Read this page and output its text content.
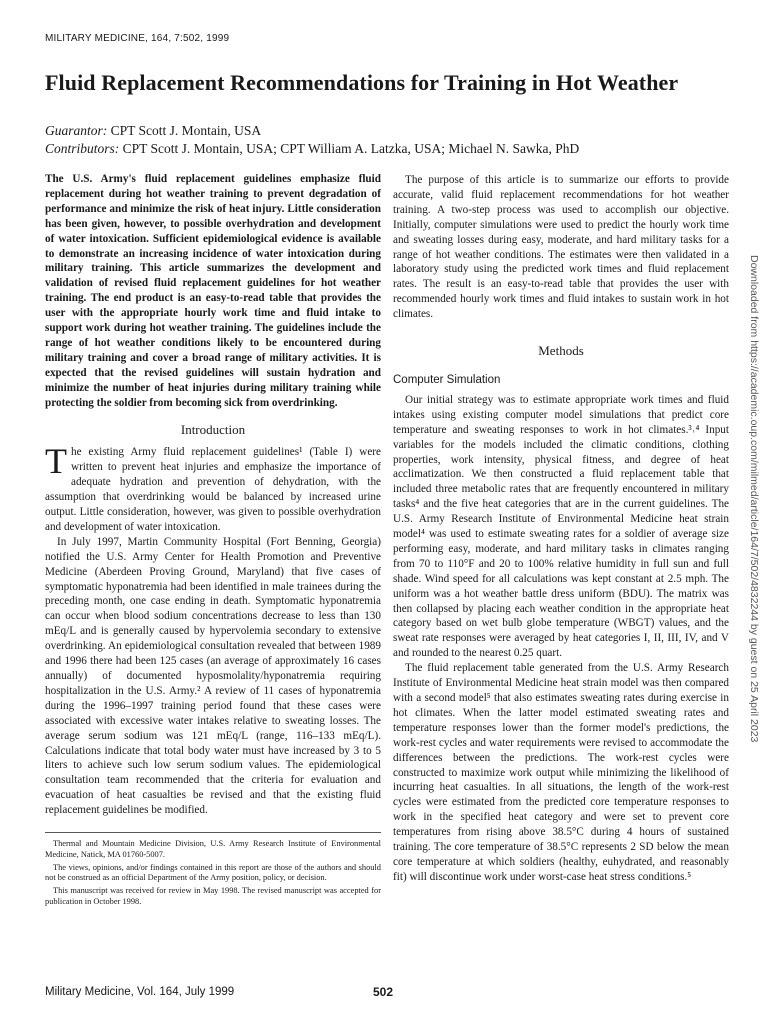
MILITARY MEDICINE, 164, 7:502, 1999
Fluid Replacement Recommendations for Training in Hot Weather
Guarantor: CPT Scott J. Montain, USA
Contributors: CPT Scott J. Montain, USA; CPT William A. Latzka, USA; Michael N. Sawka, PhD

The U.S. Army's fluid replacement guidelines emphasize fluid replacement during hot weather training to prevent degradation of performance and minimize the risk of heat injury. Little consideration has been given, however, to possible overhydration and development of water intoxication. Sufficient epidemiological evidence is available to demonstrate an increasing incidence of water intoxication during military training. This article summarizes the development and validation of revised fluid replacement guidelines for hot weather training. The end product is an easy-to-read table that provides the user with the appropriate hourly work time and fluid intake to support work during hot weather training. The guidelines include the range of hot weather conditions likely to be encountered during military training and cover a broad range of military activities. It is expected that the revised guidelines will sustain hydration and minimize the number of heat injuries during military training while protecting the soldier from becoming sick from overdrinking.

Introduction

The existing Army fluid replacement guidelines¹ (Table I) were written to prevent heat injuries and emphasize the importance of adequate hydration and prevention of dehydration, with the assumption that overdrinking would be balanced by increased urine output. Little consideration, however, was given to possible overhydration and development of water intoxication.

In July 1997, Martin Community Hospital (Fort Benning, Georgia) notified the U.S. Army Center for Health Promotion and Preventive Medicine (Aberdeen Proving Ground, Maryland) that five cases of symptomatic hyponatremia had been identified in male trainees during the preceding month, one case ending in death. Symptomatic hyponatremia can occur when blood sodium concentrations decrease to less than 130 mEq/L and is generally caused by hypervolemia secondary to extensive overdrinking. An epidemiological consultation revealed that between 1989 and 1996 there had been 125 cases (an average of approximately 16 cases annually) of documented hyposmolality/hyponatremia requiring hospitalization in the U.S. Army.² A review of 11 cases of hyponatremia during the 1996–1997 training period found that these cases were associated with excessive water intakes relative to sweating losses. The average serum sodium was 121 mEq/L (range, 116–133 mEq/L). Calculations indicate that total body water must have increased by 3 to 5 liters to achieve such low serum sodium values. The epidemiological consultation team recommended that the criteria for evaluation and evacuation of heat casualties be revised and that the existing fluid replacement guidelines be modified.

Thermal and Mountain Medicine Division, U.S. Army Research Institute of Environmental Medicine, Natick, MA 01760-5007.

The views, opinions, and/or findings contained in this report are those of the authors and should not be construed as an official Department of the Army position, policy, or decision.

This manuscript was received for review in May 1998. The revised manuscript was accepted for publication in October 1998.

The purpose of this article is to summarize our efforts to provide accurate, valid fluid replacement recommendations for hot weather training. A two-step process was used to accomplish our objective. Initially, computer simulations were used to predict the hourly work time and sweating losses during easy, moderate, and hard military tasks for a range of hot weather conditions. The estimates were then validated in a laboratory study using the predicted work times and fluid replacement rates. The result is an easy-to-read table that provides the user with recommended hourly work times and fluid intakes to sustain work in hot climates.

Methods
Computer Simulation

Our initial strategy was to estimate appropriate work times and fluid intakes using existing computer model simulations that predict core temperature and sweating responses to work in hot climates.³˒⁴ Input variables for the models included the climatic conditions, clothing properties, work intensity, physical fitness, and degree of heat acclimatization. We then constructed a fluid replacement table that included three metabolic rates that are frequently encountered in military tasks⁴ and the five heat categories that are in the current guidelines. The U.S. Army Research Institute of Environmental Medicine heat strain model⁴ was used to estimate sweating rates for a soldier of average size performing easy, moderate, and hard military tasks in climates ranging from 70 to 110°F and 20 to 100% relative humidity in full sun and full shade. Wind speed for all calculations was kept constant at 2.5 mph. The uniform was a hot weather battle dress uniform (BDU). The matrix was then collapsed by placing each weather condition in the appropriate heat category based on wet bulb globe temperature (WBGT) values, and the sweat rate responses were averaged by heat categories I, II, III, IV, and V and rounded to the nearest 0.25 quart.

The fluid replacement table generated from the U.S. Army Research Institute of Environmental Medicine heat strain model was then compared with a second model⁵ that also estimates sweating rates during exercise in hot climates. When the latter model estimated sweating rates and temperature responses lower than the former model's predictions, the work-rest cycles and water requirements were revised to accommodate the differences between the predictions. The work-rest cycles were constructed to maximize work output while minimizing the likelihood of incurring heat casualties. In all situations, the length of the work-rest cycles were estimated from the predicted core temperature responses to work in the specified heat category and were set to prevent core temperatures from rising above 38.5°C during 4 hours of sustained training. The core temperature of 38.5°C represents 2 SD below the mean core temperature at which soldiers (healthy, euhydrated, and reasonably fit) will discontinue work under worst-case heat stress conditions.⁵

Downloaded from https://academic.oup.com/milmed/article/164/7/502/4832244 by guest on 25 April 2023
Military Medicine, Vol. 164, July 1999	502
